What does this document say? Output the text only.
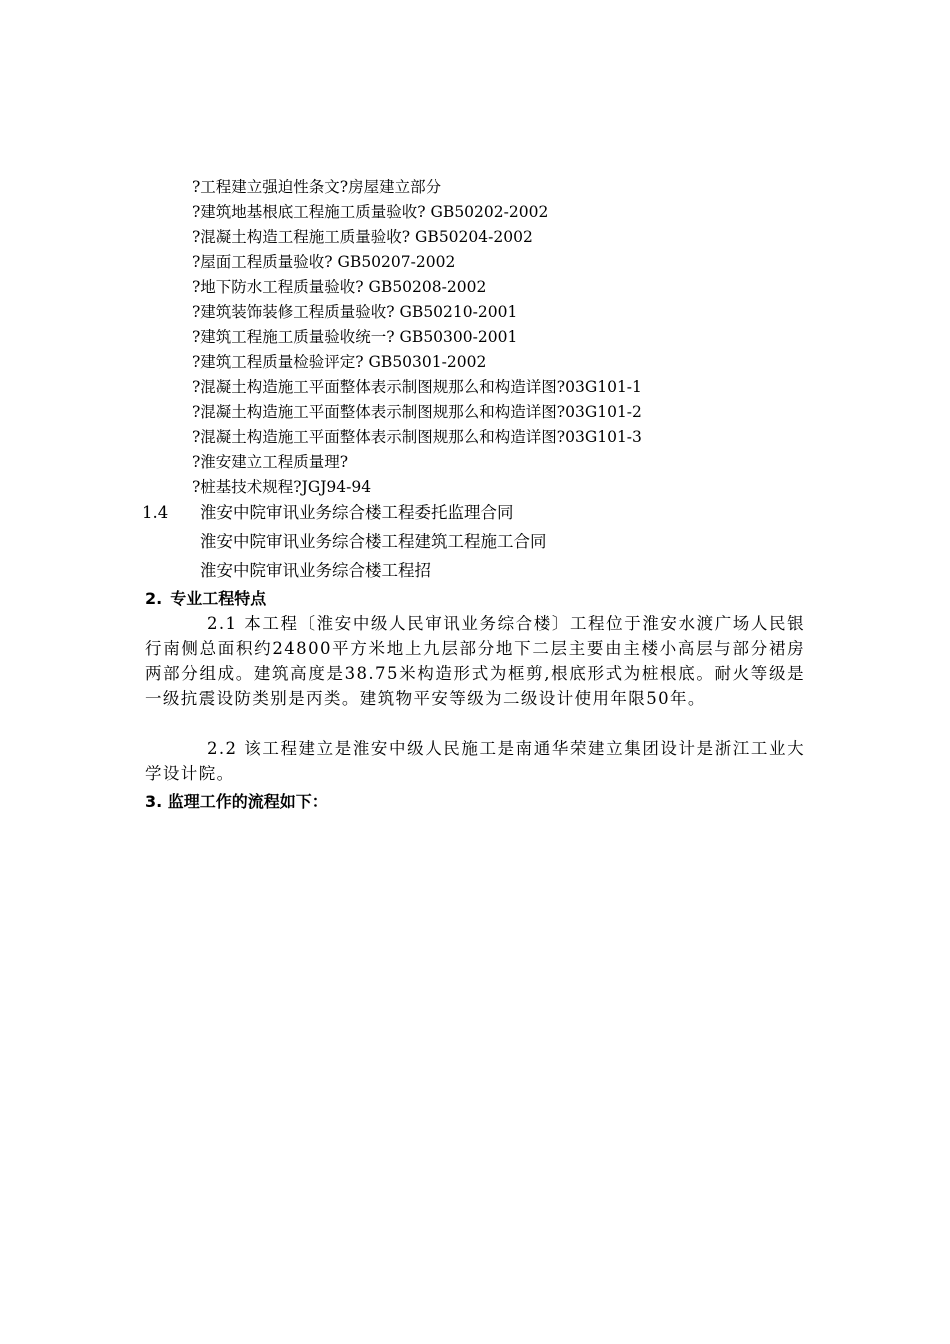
?工程建立强迫性条文?房屋建立部分
?建筑地基根底工程施工质量验收? GB50202-2002
?混凝土构造工程施工质量验收? GB50204-2002
?屋面工程质量验收? GB50207-2002
?地下防水工程质量验收? GB50208-2002
?建筑装饰装修工程质量验收? GB50210-2001
?建筑工程施工质量验收统一? GB50300-2001
?建筑工程质量检验评定? GB50301-2002
?混凝土构造施工平面整体表示制图规那么和构造详图?03G101-1
?混凝土构造施工平面整体表示制图规那么和构造详图?03G101-2
?混凝土构造施工平面整体表示制图规那么和构造详图?03G101-3
?淮安建立工程质量理?
?桩基技术规程?JGJ94-94
1.4 淮安中院审讯业务综合楼工程委托监理合同
淮安中院审讯业务综合楼工程建筑工程施工合同
淮安中院审讯业务综合楼工程招
2. 专业工程特点

2.1 本工程〔淮安中级人民审讯业务综合楼〕工程位于淮安水渡广场人民银行南侧总面积约24800平方米地上九层部分地下二层主要由主楼小高层与部分裙房两部分组成。建筑高度是38.75米构造形式为框剪,根底形式为桩根底。耐火等级是一级抗震设防类别是丙类。建筑物平安等级为二级设计使用年限50年。

2.2 该工程建立是淮安中级人民施工是南通华荣建立集团设计是浙江工业大学设计院。

3. 监理工作的流程如下：
